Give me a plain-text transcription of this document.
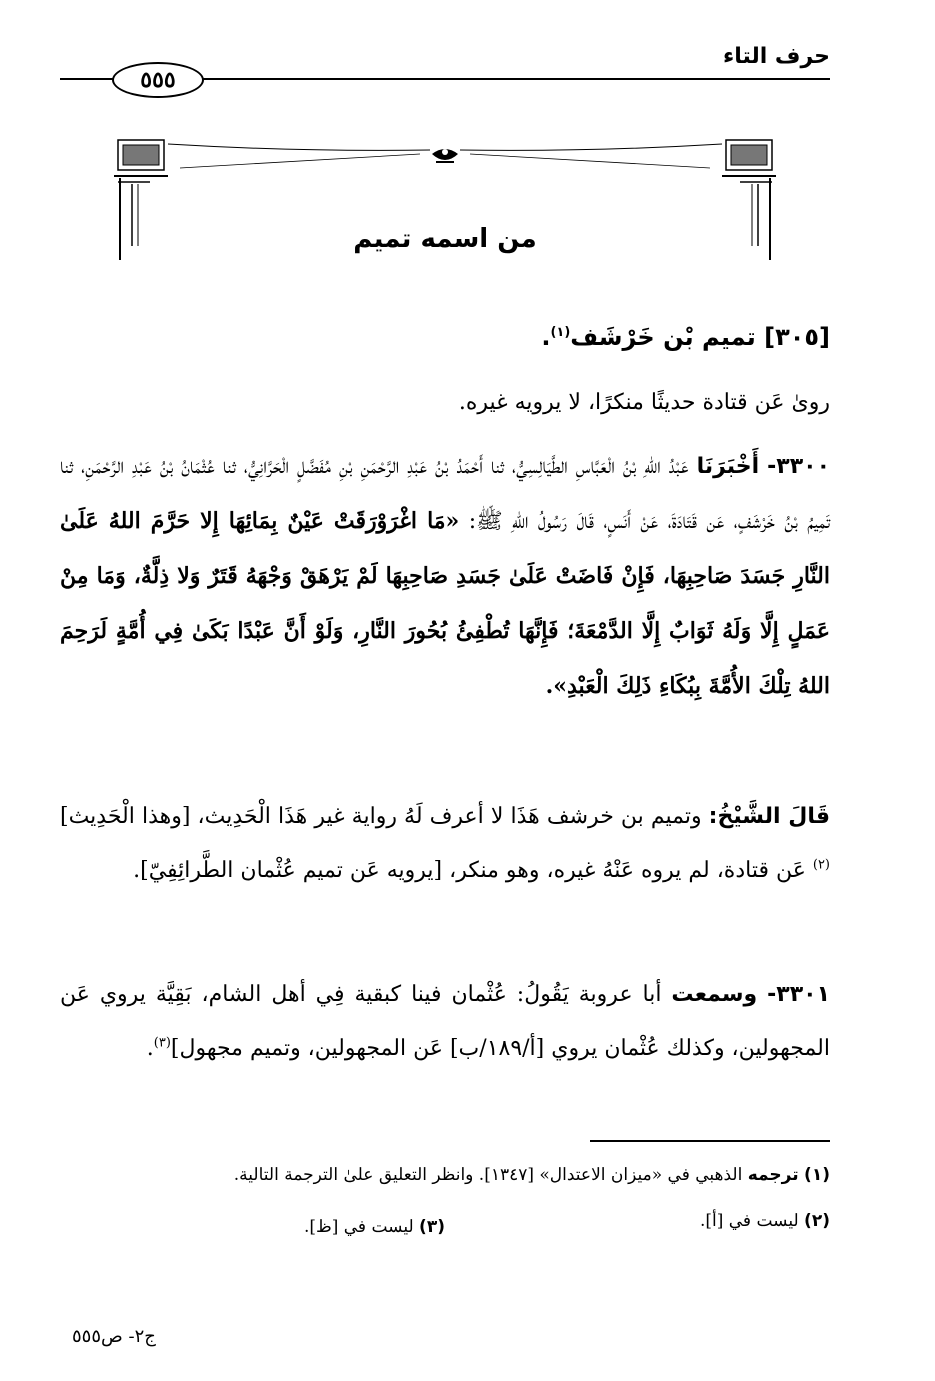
حرف التاء
٥٥٥
من اسمه تميم
[٣٠٥] تميم بْن خَرْشَف$^{(١)}$.
روىٰ عَن قتادة حديثًا منكرًا، لا يرويه غيره.
٣٣٠٠- أَخْبَرَنَا عَبْدُ اللهِ بْنُ الْعَبَّاسِ الطَّيَالِسِيُّ، ثنا أَحْمَدُ بْنُ عَبْدِ الرَّحْمَنِ بْنِ مُفَضَّلٍ الْحَرَّانِيُّ، ثنا عُثْمَانُ بْنُ عَبْدِ الرَّحْمَنِ، ثنا تَمِيمُ بْنُ خَرْشَفٍ، عَن قَتَادَةَ، عَنْ أَنَسٍ، قَالَ رَسُولُ اللهِ ﷺ: «مَا اغْرَوْرَقَتْ عَيْنٌ بِمَائِهَا إِلا حَرَّمَ اللهُ عَلَىٰ النَّارِ جَسَدَ صَاحِبِهَا، فَإِنْ فَاضَتْ عَلَىٰ جَسَدِ صَاحِبِهَا لَمْ يَرْهَقْ وَجْهَهُ قَتَرٌ وَلا ذِلَّةٌ، وَمَا مِنْ عَمَلٍ إِلَّا وَلَهُ ثَوَابٌ إِلَّا الدَّمْعَةَ؛ فَإِنَّهَا تُطْفِئُ بُحُورَ النَّارِ، وَلَوْ أَنَّ عَبْدًا بَكَىٰ فِي أُمَّةٍ لَرَحِمَ اللهُ تِلْكَ الأُمَّةَ بِبُكَاءِ ذَلِكَ الْعَبْدِ».
قَالَ الشَّيْخُ: وتميم بن خرشف هَذَا لا أعرف لَهُ رواية غير هَذَا الْحَدِيث، [وهذا الْحَدِيث]$^{(٢)}$ عَن قتادة، لم يروه عَنْهُ غيره، وهو منكر، [يرويه عَن تميم عُثْمان الطَّرائِفِيّ].
٣٣٠١- وسمعت أبا عروبة يَقُولُ: عُثْمان فينا كبقية فِي أهل الشام، بَقِيَّة يروي عَن المجهولين، وكذلك عُثْمان يروي [أ/١٨٩/ب] عَن المجهولين، وتميم مجهول]$^{(٣)}$.
(١) ترجمه الذهبي في «ميزان الاعتدال» [١٣٤٧]. وانظر التعليق علىٰ الترجمة التالية.
(٢) ليست في [أ].
(٣) ليست في [ظ].
ج٢- ص٥٥٥
